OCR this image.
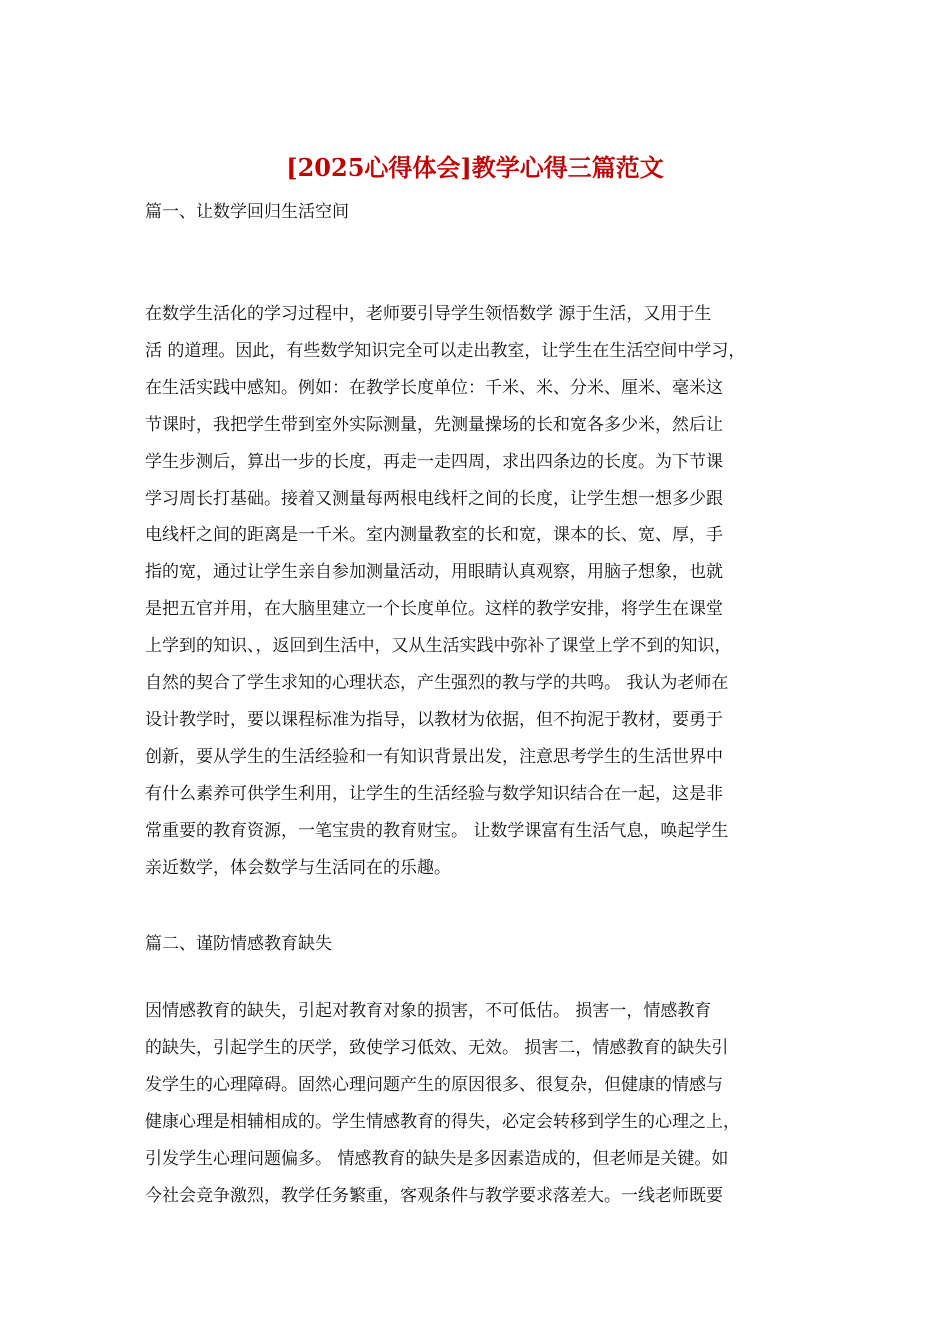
[2025心得体会]教学心得三篇范文
篇一、让数学回归生活空间
在数学生活化的学习过程中，老师要引导学生领悟数学 源于生活，又用于生
活 的道理。因此，有些数学知识完全可以走出教室，让学生在生活空间中学习，
在生活实践中感知。例如：在教学长度单位：千米、米、分米、厘米、毫米这
节课时，我把学生带到室外实际测量，先测量操场的长和宽各多少米，然后让
学生步测后，算出一步的长度，再走一走四周，求出四条边的长度。为下节课
学习周长打基础。接着又测量每两根电线杆之间的长度，让学生想一想多少跟
电线杆之间的距离是一千米。室内测量教室的长和宽，课本的长、宽、厚，手
指的宽，通过让学生亲自参加测量活动，用眼睛认真观察，用脑子想象，也就
是把五官并用，在大脑里建立一个长度单位。这样的教学安排，将学生在课堂
上学到的知识、，返回到生活中，又从生活实践中弥补了课堂上学不到的知识，
自然的契合了学生求知的心理状态，产生强烈的教与学的共鸣。 我认为老师在
设计教学时，要以课程标准为指导，以教材为依据，但不拘泥于教材，要勇于
创新，要从学生的生活经验和一有知识背景出发，注意思考学生的生活世界中
有什么素养可供学生利用，让学生的生活经验与数学知识结合在一起，这是非
常重要的教育资源，一笔宝贵的教育财宝。 让数学课富有生活气息，唤起学生
亲近数学，体会数学与生活同在的乐趣。
篇二、谨防情感教育缺失
因情感教育的缺失，引起对教育对象的损害，不可低估。 损害一，情感教育
的缺失，引起学生的厌学，致使学习低效、无效。 损害二，情感教育的缺失引
发学生的心理障碍。固然心理问题产生的原因很多、很复杂，但健康的情感与
健康心理是相辅相成的。学生情感教育的得失，必定会转移到学生的心理之上，
引发学生心理问题偏多。 情感教育的缺失是多因素造成的，但老师是关键。如
今社会竞争激烈，教学任务繁重，客观条件与教学要求落差大。一线老师既要
